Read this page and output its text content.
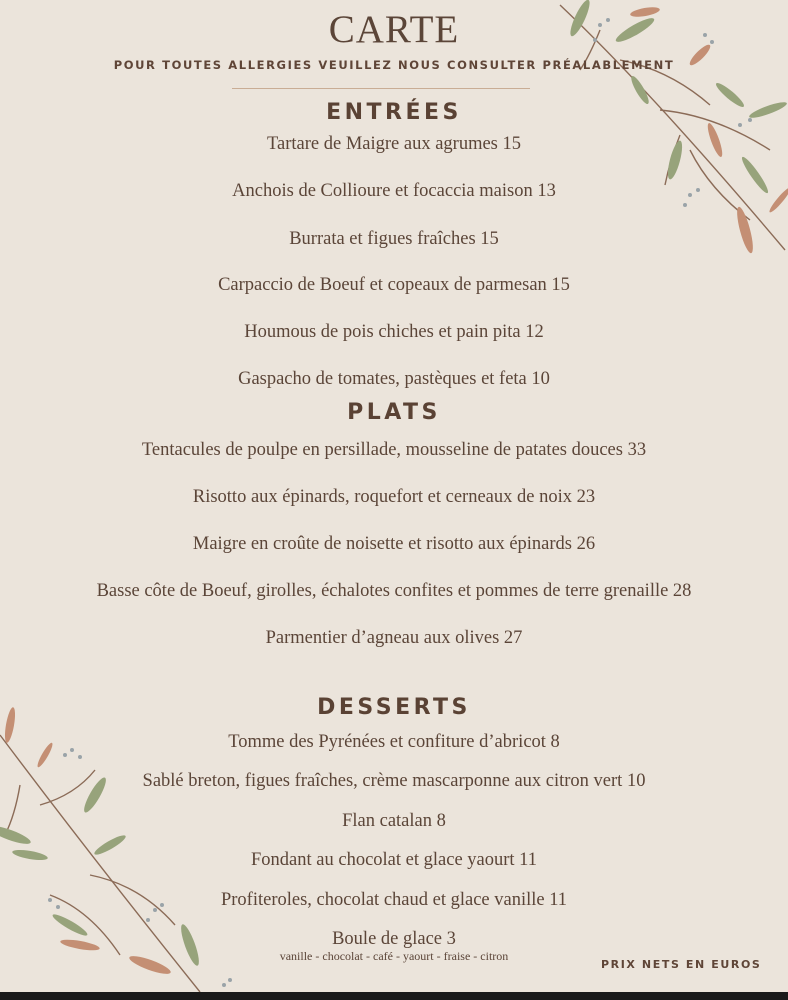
CARTE
POUR TOUTES ALLERGIES VEUILLEZ NOUS CONSULTER PRÉALABLEMENT
ENTRÉES
Tartare de Maigre aux agrumes 15
Anchois de Collioure et focaccia maison 13
Burrata et figues fraîches 15
Carpaccio de Boeuf et copeaux de parmesan 15
Houmous de pois chiches et pain pita 12
Gaspacho de tomates, pastèques et feta 10
PLATS
Tentacules de poulpe en persillade, mousseline de patates douces 33
Risotto aux épinards, roquefort et cerneaux de noix 23
Maigre en croûte de noisette et risotto aux épinards 26
Basse côte de Boeuf, girolles, échalotes confites et pommes de terre grenaille 28
Parmentier d’agneau aux olives 27
DESSERTS
Tomme des Pyrénées et confiture d’abricot 8
Sablé breton, figues fraîches, crème mascarponne aux citron vert 10
Flan catalan 8
Fondant au chocolat et glace yaourt 11
Profiteroles, chocolat chaud et glace vanille 11
Boule de glace 3
vanille - chocolat - café - yaourt - fraise - citron
PRIX NETS EN EUROS
